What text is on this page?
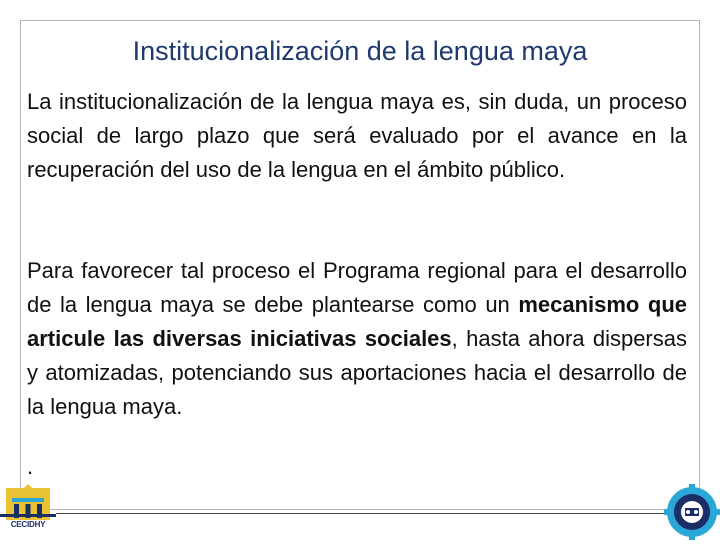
Institucionalización de la lengua maya

La institucionalización de la lengua maya es, sin duda, un proceso social de largo plazo que será evaluado por el avance en la recuperación del uso de la lengua en el ámbito público.

Para favorecer tal proceso el Programa regional para el desarrollo de la lengua maya se debe plantearse como un mecanismo que articule las diversas iniciativas sociales, hasta ahora dispersas y atomizadas, potenciando sus aportaciones hacia el desarrollo de la lengua maya.

.
CECIDHY
